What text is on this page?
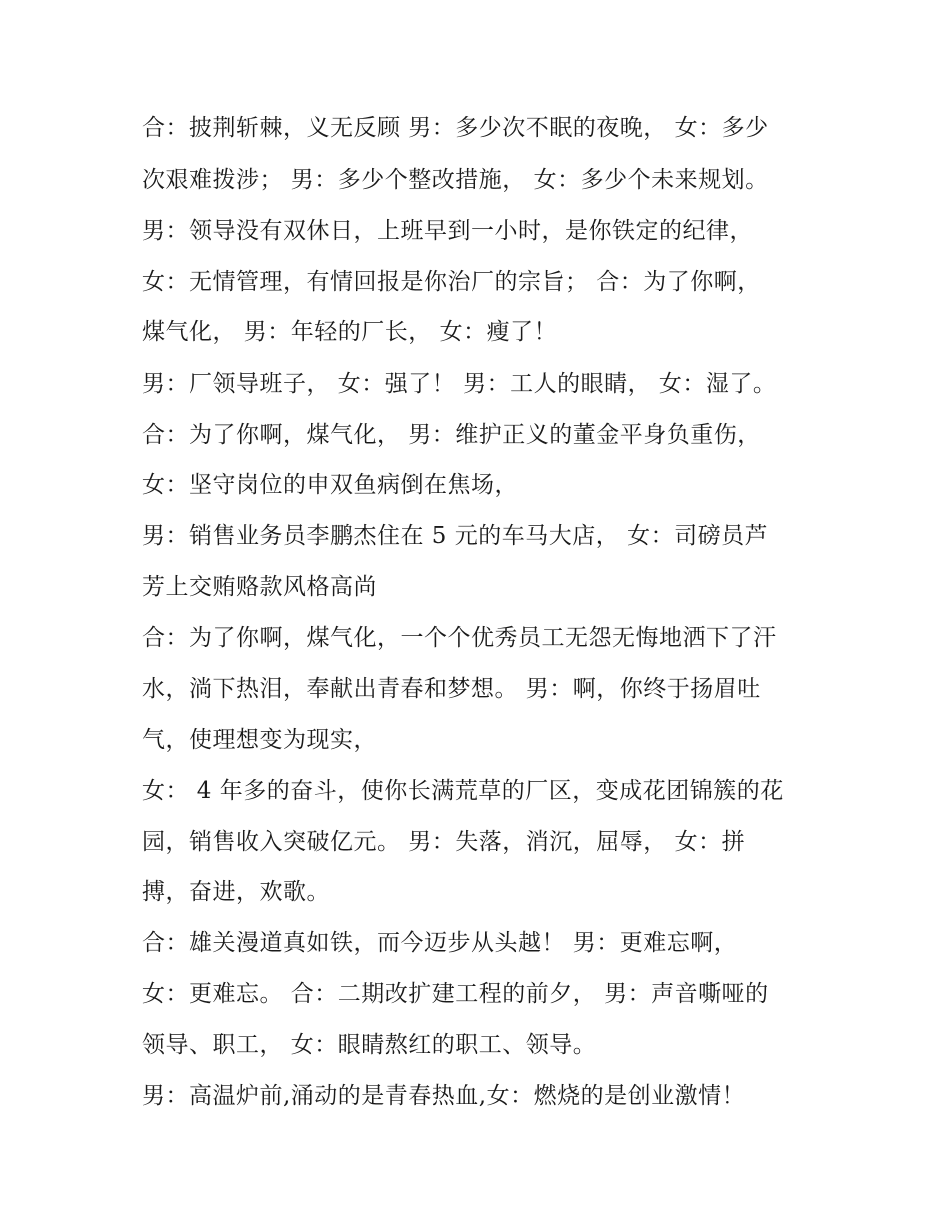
合：披荆斩棘，义无反顾 男：多少次不眠的夜晚， 女：多少
次艰难拨涉； 男：多少个整改措施， 女：多少个未来规划。
男：领导没有双休日，上班早到一小时，是你铁定的纪律，
女：无情管理，有情回报是你治厂的宗旨； 合：为了你啊，
煤气化， 男：年轻的厂长， 女：瘦了！
男：厂领导班子， 女：强了！ 男：工人的眼睛， 女：湿了。
合：为了你啊，煤气化， 男：维护正义的董金平身负重伤，
女：坚守岗位的申双鱼病倒在焦场，
男：销售业务员李鹏杰住在 5 元的车马大店， 女：司磅员芦
芳上交贿赂款风格高尚
合：为了你啊，煤气化，一个个优秀员工无怨无悔地洒下了汗
水，淌下热泪，奉献出青春和梦想。 男：啊，你终于扬眉吐
气，使理想变为现实，
女： 4 年多的奋斗，使你长满荒草的厂区，变成花团锦簇的花
园，销售收入突破亿元。 男：失落，消沉，屈辱， 女：拼
搏，奋进，欢歌。
合：雄关漫道真如铁，而今迈步从头越！ 男：更难忘啊，
女：更难忘。 合：二期改扩建工程的前夕， 男：声音嘶哑的
领导、职工， 女：眼睛熬红的职工、领导。
男：高温炉前,涌动的是青春热血,女：燃烧的是创业激情！
